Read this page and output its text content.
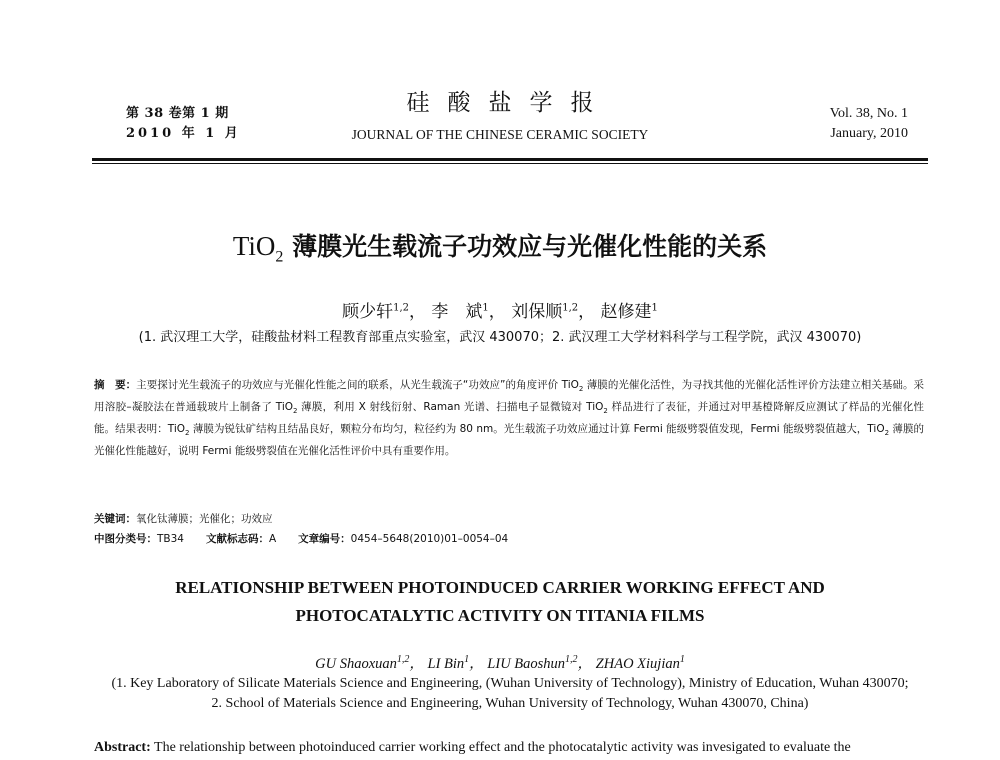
第 38 卷第 1 期
2010 年 1 月
硅酸盐学报
JOURNAL OF THE CHINESE CERAMIC SOCIETY
Vol. 38, No. 1
January, 2010
TiO$_2$ 薄膜光生载流子功效应与光催化性能的关系
顾少轩$^{1,2}$， 李　斌$^1$， 刘保顺$^{1,2}$， 赵修建$^1$
(1. 武汉理工大学，硅酸盐材料工程教育部重点实验室，武汉 430070；2. 武汉理工大学材料科学与工程学院，武汉 430070)
摘　要：主要探讨光生载流子的功效应与光催化性能之间的联系，从光生载流子“功效应”的角度评价 TiO$_2$ 薄膜的光催化活性，为寻找其他的光催化活性评价方法建立相关基础。采用溶胶–凝胶法在普通载玻片上制备了 TiO$_2$ 薄膜，利用 X 射线衍射、Raman 光谱、扫描电子显微镜对 TiO$_2$ 样品进行了表征，并通过对甲基橙降解反应测试了样品的光催化性能。结果表明：TiO$_2$ 薄膜为锐钛矿结构且结晶良好，颗粒分布均匀，粒径约为 80 nm。光生载流子功效应通过计算 Fermi 能级劈裂值发现，Fermi 能级劈裂值越大，TiO$_2$ 薄膜的光催化性能越好，说明 Fermi 能级劈裂值在光催化活性评价中具有重要作用。
关键词：氧化钛薄膜；光催化；功效应
中图分类号：TB34 文献标志码：A 文章编号：0454–5648(2010)01–0054–04
RELATIONSHIP BETWEEN PHOTOINDUCED CARRIER WORKING EFFECT AND
PHOTOCATALYTIC ACTIVITY ON TITANIA FILMS
GU Shaoxuan$^{1,2}$， LI Bin$^1$， LIU Baoshun$^{1,2}$， ZHAO Xiujian$^1$
(1. Key Laboratory of Silicate Materials Science and Engineering, (Wuhan University of Technology), Ministry of Education, Wuhan 430070; 2. School of Materials Science and Engineering, Wuhan University of Technology, Wuhan 430070, China)
Abstract: The relationship between photoinduced carrier working effect and the photocatalytic activity was invesigated to evaluate the
